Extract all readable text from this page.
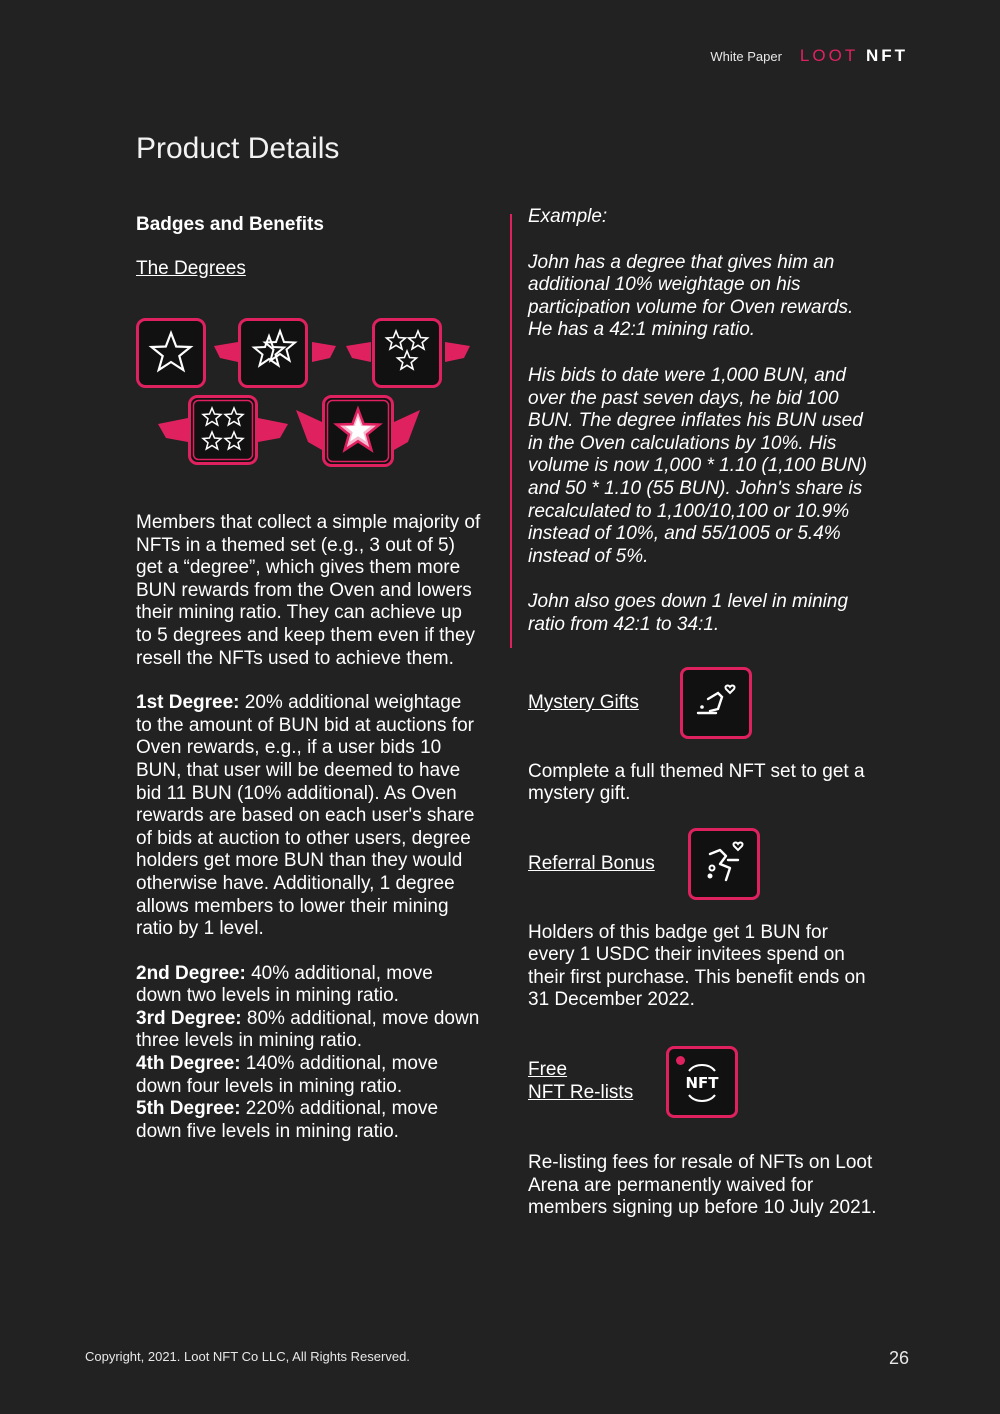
White Paper LOOT NFT
Product Details

Badges and Benefits

The Degrees

Members that collect a simple majority of NFTs in a themed set (e.g., 3 out of 5) get a “degree”, which gives them more BUN rewards from the Oven and lowers their mining ratio. They can achieve up to 5 degrees and keep them even if they resell the NFTs used to achieve them.

1st Degree: 20% additional weightage to the amount of BUN bid at auctions for Oven rewards, e.g., if a user bids 10 BUN, that user will be deemed to have bid 11 BUN (10% additional). As Oven rewards are based on each user's share of bids at auction to other users, degree holders get more BUN than they would otherwise have. Additionally, 1 degree allows members to lower their mining ratio by 1 level.

2nd Degree: 40% additional, move down two levels in mining ratio.
3rd Degree: 80% additional, move down three levels in mining ratio.
4th Degree: 140% additional, move down four levels in mining ratio.
5th Degree: 220% additional, move down five levels in mining ratio.

Example:

John has a degree that gives him an additional 10% weightage on his participation volume for Oven rewards. He has a 42:1 mining ratio.

His bids to date were 1,000 BUN, and over the past seven days, he bid 100 BUN. The degree inflates his BUN used in the Oven calculations by 10%. His volume is now 1,000 * 1.10 (1,100 BUN) and 50 * 1.10 (55 BUN). John's share is recalculated to 1,100/10,100 or 10.9% instead of 10%, and 55/1005 or 5.4% instead of 5%.

John also goes down 1 level in mining ratio from 42:1 to 34:1.

Mystery Gifts

Complete a full themed NFT set to get a mystery gift.

Referral Bonus

Holders of this badge get 1 BUN for every 1 USDC their invitees spend on their first purchase. This benefit ends on 31 December 2022.

Free
NFT Re-lists	NFT

Re-listing fees for resale of NFTs on Loot Arena are permanently waived for members signing up before 10 July 2021.

Copyright, 2021. Loot NFT Co LLC, All Rights Reserved.	26
